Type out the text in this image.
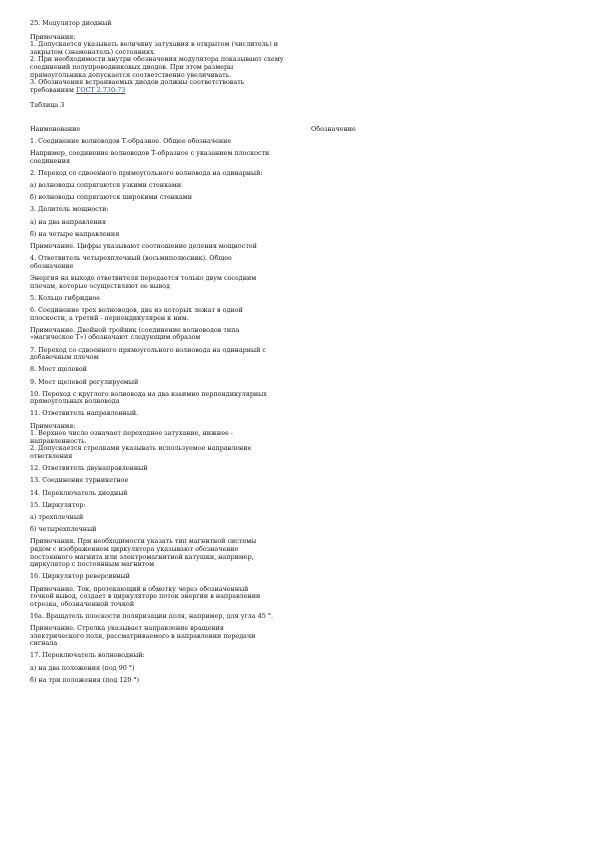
25. Модулятор диодный

Примечания:

1. Допускается указывать величину затухания в открытом (числитель) и
закрытом (знаменатель) состояниях.

2. При необходимости внутри обозначения модулятора показывают схему
соединений полупроводниковых диодов. При этом размеры
прямоугольника допускается соответственно увеличивать.

3. Обозначения встраиваемых диодов должны соответствовать
требованиям ГОСТ 2.730-73

Таблица 3

Наименование	Обозначение
1. Соединение волноводов Т-образное. Общее обозначение
Например, соединение волноводов Т-образное с указанием плоскости
соединения
2. Переход со сдвоенного прямоугольного волновода на одинарный:
а) волноводы сопрягаются узкими стенками
б) волноводы сопрягаются широкими стенками
3. Делитель мощности:
а) на два направления
б) на четыре направления
Примечание. Цифры указывают соотношение деления мощностей
4. Ответвитель четырехплечный (восьмиполюсник). Общее
обозначение
Энергия на выходе ответвителя передается только двум соседним
плечам, которые осуществляют ее вывод
5. Кольцо гибридное
6. Соединение трех волноводов, два из которых лежат в одной
плоскости, а третий - перпендикулярен к ним.
Примечание. Двойной тройник (соединение волноводов типа
«магическое Т») обозначают следующим образом
7. Переход со сдвоенного прямоугольного волновода на одинарный с
добавочным плечом
8. Мост щелевой
9. Мост щелевой регулируемый
10. Переход с круглого волновода на два взаимно перпендикулярных
прямоугольных волновода
11. Ответвитель направленный.
Примечания:
1. Верхнее число означает переходное затухание, нижнее -
направленность.
2. Допускается стрелками указывать используемое направление
ответвления
12. Ответвитель двунаправленный
13. Соединение турникетное
14. Переключатель диодный
15. Циркулятор:
а) трехплечный
б) четырехплечный
Примечания. При необходимости указать тип магнитной системы
рядом с изображением циркулятора указывают обозначение
постоянного магнита или электромагнитной катушки, например,
циркулятор с постоянным магнитом
16. Циркулятор реверсивный
Примечание. Ток, протекающий в обмотку через обозначенный
точкой вывод, создает в циркуляторе поток энергии в направлении
отрезка, обозначенной точкой
16а. Вращатель плоскости поляризации поля, например, для угла 45 °.
Примечание. Стрелка указывает направление вращения
электрического поля, рассматриваемого в направлении передачи
сигнала
17. Переключатель волноводный:
а) на два положения (под 90 °)
б) на три положения (под 120 °)
